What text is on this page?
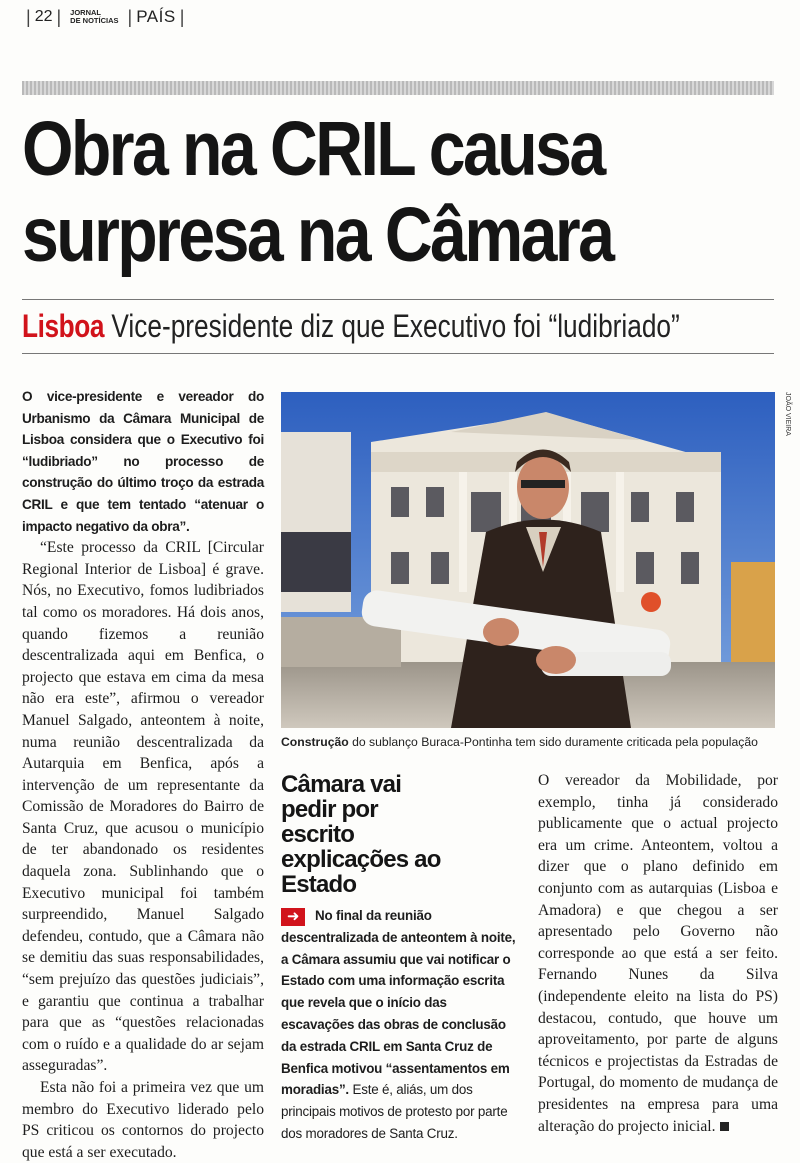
| 22 | JORNAL
DE NOTÍCIAS | PAÍS |
Obra na CRIL causa
surpresa na Câmara
Lisboa Vice-presidente diz que Executivo foi “ludibriado”

O vice-presidente e vereador do Urbanismo da Câmara Municipal de Lisboa considera que o Executivo foi “ludibriado” no processo de construção do último troço da estrada CRIL e que tem tentado “atenuar o impacto negativo da obra”.

“Este processo da CRIL [Circular Regional Interior de Lisboa] é grave. Nós, no Executivo, fomos ludibriados tal como os moradores. Há dois anos, quando fizemos a reunião descentralizada aqui em Benfica, o projecto que estava em cima da mesa não era este”, afirmou o vereador Manuel Salgado, anteontem à noite, numa reunião descentralizada da Autarquia em Benfica, após a intervenção de um representante da Comissão de Moradores do Bairro de Santa Cruz, que acusou o município de ter abandonado os residentes daquela zona. Sublinhando que o Executivo municipal foi também surpreendido, Manuel Salgado defendeu, contudo, que a Câmara não se demitiu das suas responsabilidades, “sem prejuízo das questões judiciais”, e garantiu que continua a trabalhar para que as “questões relacionadas com o ruído e a qualidade do ar sejam asseguradas”.

Esta não foi a primeira vez que um membro do Executivo liderado pelo PS criticou os contornos do projecto que está a ser executado.

JOÃO VIEIRA
Construção do sublanço Buraca-Pontinha tem sido duramente criticada pela população
Câmara vai pedir por escrito explicações ao Estado
➜	No final da reunião descentralizada de anteontem à noite, a Câmara assumiu que vai notificar o Estado com uma informação escrita que revela que o início das escavações das obras de conclusão da estrada CRIL em Santa Cruz de Benfica motivou “assentamentos em moradias”. Este é, aliás, um dos principais motivos de protesto por parte dos moradores de Santa Cruz.

O vereador da Mobilidade, por exemplo, tinha já considerado publicamente que o actual projecto era um crime. Anteontem, voltou a dizer que o plano definido em conjunto com as autarquias (Lisboa e Amadora) e que chegou a ser apresentado pelo Governo não corresponde ao que está a ser feito. Fernando Nunes da Silva (independente eleito na lista do PS) destacou, contudo, que houve um aproveitamento, por parte de alguns técnicos e projectistas da Estradas de Portugal, do momento de mudança de presidentes na empresa para uma alteração do projecto inicial.
